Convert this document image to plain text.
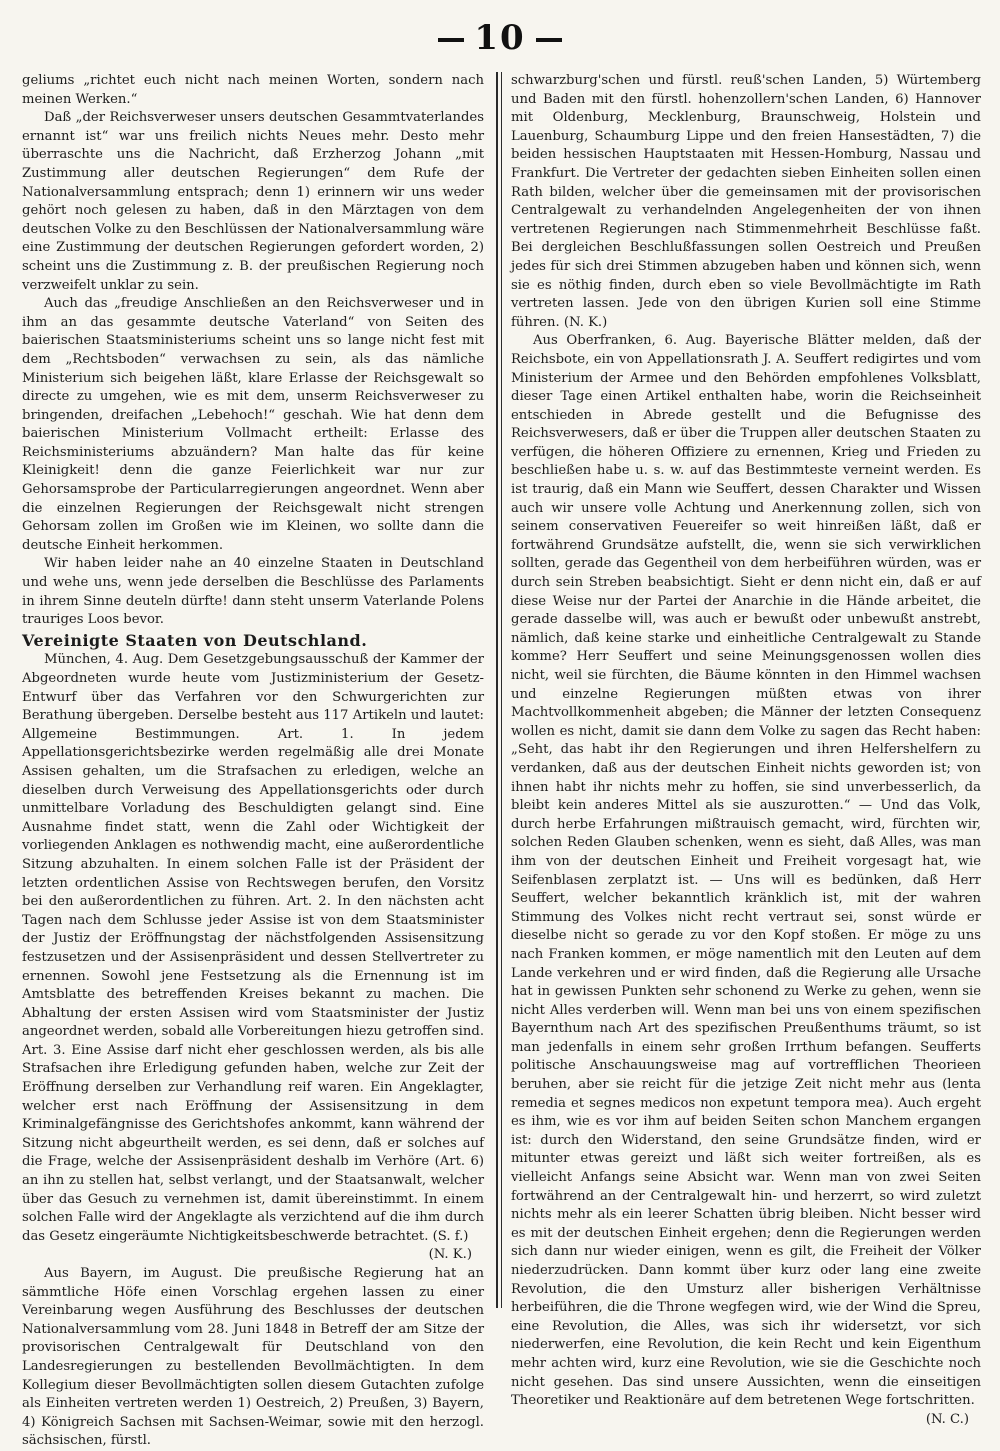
10

geliums „richtet euch nicht nach meinen Worten, sondern nach meinen Werken.“

Daß „der Reichsverweser unsers deutschen Gesammtvaterlandes ernannt ist“ war uns freilich nichts Neues mehr. Desto mehr überraschte uns die Nachricht, daß Erzherzog Johann „mit Zustimmung aller deutschen Regierungen“ dem Rufe der Nationalversammlung entsprach; denn 1) erinnern wir uns weder gehört noch gelesen zu haben, daß in den Märztagen von dem deutschen Volke zu den Beschlüssen der Nationalversammlung wäre eine Zustimmung der deutschen Regierungen gefordert worden, 2) scheint uns die Zustimmung z. B. der preußischen Regierung noch verzweifelt unklar zu sein.

Auch das „freudige Anschließen an den Reichsverweser und in ihm an das gesammte deutsche Vaterland“ von Seiten des baierischen Staatsministeriums scheint uns so lange nicht fest mit dem „Rechtsboden“ verwachsen zu sein, als das nämliche Ministerium sich beigehen läßt, klare Erlasse der Reichsgewalt so directe zu umgehen, wie es mit dem, unserm Reichsverweser zu bringenden, dreifachen „Lebehoch!“ geschah. Wie hat denn dem baierischen Ministerium Vollmacht ertheilt: Erlasse des Reichsministeriums abzuändern? Man halte das für keine Kleinigkeit! denn die ganze Feierlichkeit war nur zur Gehorsamsprobe der Particularregierungen angeordnet. Wenn aber die einzelnen Regierungen der Reichsgewalt nicht strengen Gehorsam zollen im Großen wie im Kleinen, wo sollte dann die deutsche Einheit herkommen.

Wir haben leider nahe an 40 einzelne Staaten in Deutschland und wehe uns, wenn jede derselben die Beschlüsse des Parlaments in ihrem Sinne deuteln dürfte! dann steht unserm Vaterlande Polens trauriges Loos bevor.

Vereinigte Staaten von Deutschland.

München, 4. Aug. Dem Gesetzgebungsausschuß der Kammer der Abgeordneten wurde heute vom Justizministerium der Gesetz-Entwurf über das Verfahren vor den Schwurgerichten zur Berathung übergeben. Derselbe besteht aus 117 Artikeln und lautet: Allgemeine Bestimmungen. Art. 1. In jedem Appellationsgerichtsbezirke werden regelmäßig alle drei Monate Assisen gehalten, um die Strafsachen zu erledigen, welche an dieselben durch Verweisung des Appellationsgerichts oder durch unmittelbare Vorladung des Beschuldigten gelangt sind. Eine Ausnahme findet statt, wenn die Zahl oder Wichtigkeit der vorliegenden Anklagen es nothwendig macht, eine außerordentliche Sitzung abzuhalten. In einem solchen Falle ist der Präsident der letzten ordentlichen Assise von Rechtswegen berufen, den Vorsitz bei den außerordentlichen zu führen. Art. 2. In den nächsten acht Tagen nach dem Schlusse jeder Assise ist von dem Staatsminister der Justiz der Eröffnungstag der nächstfolgenden Assisensitzung festzusetzen und der Assisenpräsident und dessen Stellvertreter zu ernennen. Sowohl jene Festsetzung als die Ernennung ist im Amtsblatte des betreffenden Kreises bekannt zu machen. Die Abhaltung der ersten Assisen wird vom Staatsminister der Justiz angeordnet werden, sobald alle Vorbereitungen hiezu getroffen sind. Art. 3. Eine Assise darf nicht eher geschlossen werden, als bis alle Strafsachen ihre Erledigung gefunden haben, welche zur Zeit der Eröffnung derselben zur Verhandlung reif waren. Ein Angeklagter, welcher erst nach Eröffnung der Assisensitzung in dem Kriminalgefängnisse des Gerichtshofes ankommt, kann während der Sitzung nicht abgeurtheilt werden, es sei denn, daß er solches auf die Frage, welche der Assisenpräsident deshalb im Verhöre (Art. 6) an ihn zu stellen hat, selbst verlangt, und der Staatsanwalt, welcher über das Gesuch zu vernehmen ist, damit übereinstimmt. In einem solchen Falle wird der Angeklagte als verzichtend auf die ihm durch das Gesetz eingeräumte Nichtigkeitsbeschwerde betrachtet. (S. f.)

(N. K.)

Aus Bayern, im August. Die preußische Regierung hat an sämmtliche Höfe einen Vorschlag ergehen lassen zu einer Vereinbarung wegen Ausführung des Beschlusses der deutschen Nationalversammlung vom 28. Juni 1848 in Betreff der am Sitze der provisorischen Centralgewalt für Deutschland von den Landesregierungen zu bestellenden Bevollmächtigten. In dem Kollegium dieser Bevollmächtigten sollen diesem Gutachten zufolge als Einheiten vertreten werden 1) Oestreich, 2) Preußen, 3) Bayern, 4) Königreich Sachsen mit Sachsen-Weimar, sowie mit den herzogl. sächsischen, fürstl.

schwarzburg'schen und fürstl. reuß'schen Landen, 5) Würtemberg und Baden mit den fürstl. hohenzollern'schen Landen, 6) Hannover mit Oldenburg, Mecklenburg, Braunschweig, Holstein und Lauenburg, Schaumburg Lippe und den freien Hansestädten, 7) die beiden hessischen Hauptstaaten mit Hessen-Homburg, Nassau und Frankfurt. Die Vertreter der gedachten sieben Einheiten sollen einen Rath bilden, welcher über die gemeinsamen mit der provisorischen Centralgewalt zu verhandelnden Angelegenheiten der von ihnen vertretenen Regierungen nach Stimmenmehrheit Beschlüsse faßt. Bei dergleichen Beschlußfassungen sollen Oestreich und Preußen jedes für sich drei Stimmen abzugeben haben und können sich, wenn sie es nöthig finden, durch eben so viele Bevollmächtigte im Rath vertreten lassen. Jede von den übrigen Kurien soll eine Stimme führen. (N. K.)

Aus Oberfranken, 6. Aug. Bayerische Blätter melden, daß der Reichsbote, ein von Appellationsrath J. A. Seuffert redigirtes und vom Ministerium der Armee und den Behörden empfohlenes Volksblatt, dieser Tage einen Artikel enthalten habe, worin die Reichseinheit entschieden in Abrede gestellt und die Befugnisse des Reichsverwesers, daß er über die Truppen aller deutschen Staaten zu verfügen, die höheren Offiziere zu ernennen, Krieg und Frieden zu beschließen habe u. s. w. auf das Bestimmteste verneint werden. Es ist traurig, daß ein Mann wie Seuffert, dessen Charakter und Wissen auch wir unsere volle Achtung und Anerkennung zollen, sich von seinem conservativen Feuereifer so weit hinreißen läßt, daß er fortwährend Grundsätze aufstellt, die, wenn sie sich verwirklichen sollten, gerade das Gegentheil von dem herbeiführen würden, was er durch sein Streben beabsichtigt. Sieht er denn nicht ein, daß er auf diese Weise nur der Partei der Anarchie in die Hände arbeitet, die gerade dasselbe will, was auch er bewußt oder unbewußt anstrebt, nämlich, daß keine starke und einheitliche Centralgewalt zu Stande komme? Herr Seuffert und seine Meinungsgenossen wollen dies nicht, weil sie fürchten, die Bäume könnten in den Himmel wachsen und einzelne Regierungen müßten etwas von ihrer Machtvollkommenheit abgeben; die Männer der letzten Consequenz wollen es nicht, damit sie dann dem Volke zu sagen das Recht haben: „Seht, das habt ihr den Regierungen und ihren Helfershelfern zu verdanken, daß aus der deutschen Einheit nichts geworden ist; von ihnen habt ihr nichts mehr zu hoffen, sie sind unverbesserlich, da bleibt kein anderes Mittel als sie auszurotten.“ — Und das Volk, durch herbe Erfahrungen mißtrauisch gemacht, wird, fürchten wir, solchen Reden Glauben schenken, wenn es sieht, daß Alles, was man ihm von der deutschen Einheit und Freiheit vorgesagt hat, wie Seifenblasen zerplatzt ist. — Uns will es bedünken, daß Herr Seuffert, welcher bekanntlich kränklich ist, mit der wahren Stimmung des Volkes nicht recht vertraut sei, sonst würde er dieselbe nicht so gerade zu vor den Kopf stoßen. Er möge zu uns nach Franken kommen, er möge namentlich mit den Leuten auf dem Lande verkehren und er wird finden, daß die Regierung alle Ursache hat in gewissen Punkten sehr schonend zu Werke zu gehen, wenn sie nicht Alles verderben will. Wenn man bei uns von einem spezifischen Bayernthum nach Art des spezifischen Preußenthums träumt, so ist man jedenfalls in einem sehr großen Irrthum befangen. Seufferts politische Anschauungsweise mag auf vortrefflichen Theorieen beruhen, aber sie reicht für die jetzige Zeit nicht mehr aus (lenta remedia et segnes medicos non expetunt tempora mea). Auch ergeht es ihm, wie es vor ihm auf beiden Seiten schon Manchem ergangen ist: durch den Widerstand, den seine Grundsätze finden, wird er mitunter etwas gereizt und läßt sich weiter fortreißen, als es vielleicht Anfangs seine Absicht war. Wenn man von zwei Seiten fortwährend an der Centralgewalt hin- und herzerrt, so wird zuletzt nichts mehr als ein leerer Schatten übrig bleiben. Nicht besser wird es mit der deutschen Einheit ergehen; denn die Regierungen werden sich dann nur wieder einigen, wenn es gilt, die Freiheit der Völker niederzudrücken. Dann kommt über kurz oder lang eine zweite Revolution, die den Umsturz aller bisherigen Verhältnisse herbeiführen, die die Throne wegfegen wird, wie der Wind die Spreu, eine Revolution, die Alles, was sich ihr widersetzt, vor sich niederwerfen, eine Revolution, die kein Recht und kein Eigenthum mehr achten wird, kurz eine Revolution, wie sie die Geschichte noch nicht gesehen. Das sind unsere Aussichten, wenn die einseitigen Theoretiker und Reaktionäre auf dem betretenen Wege fortschritten.

(N. C.)
